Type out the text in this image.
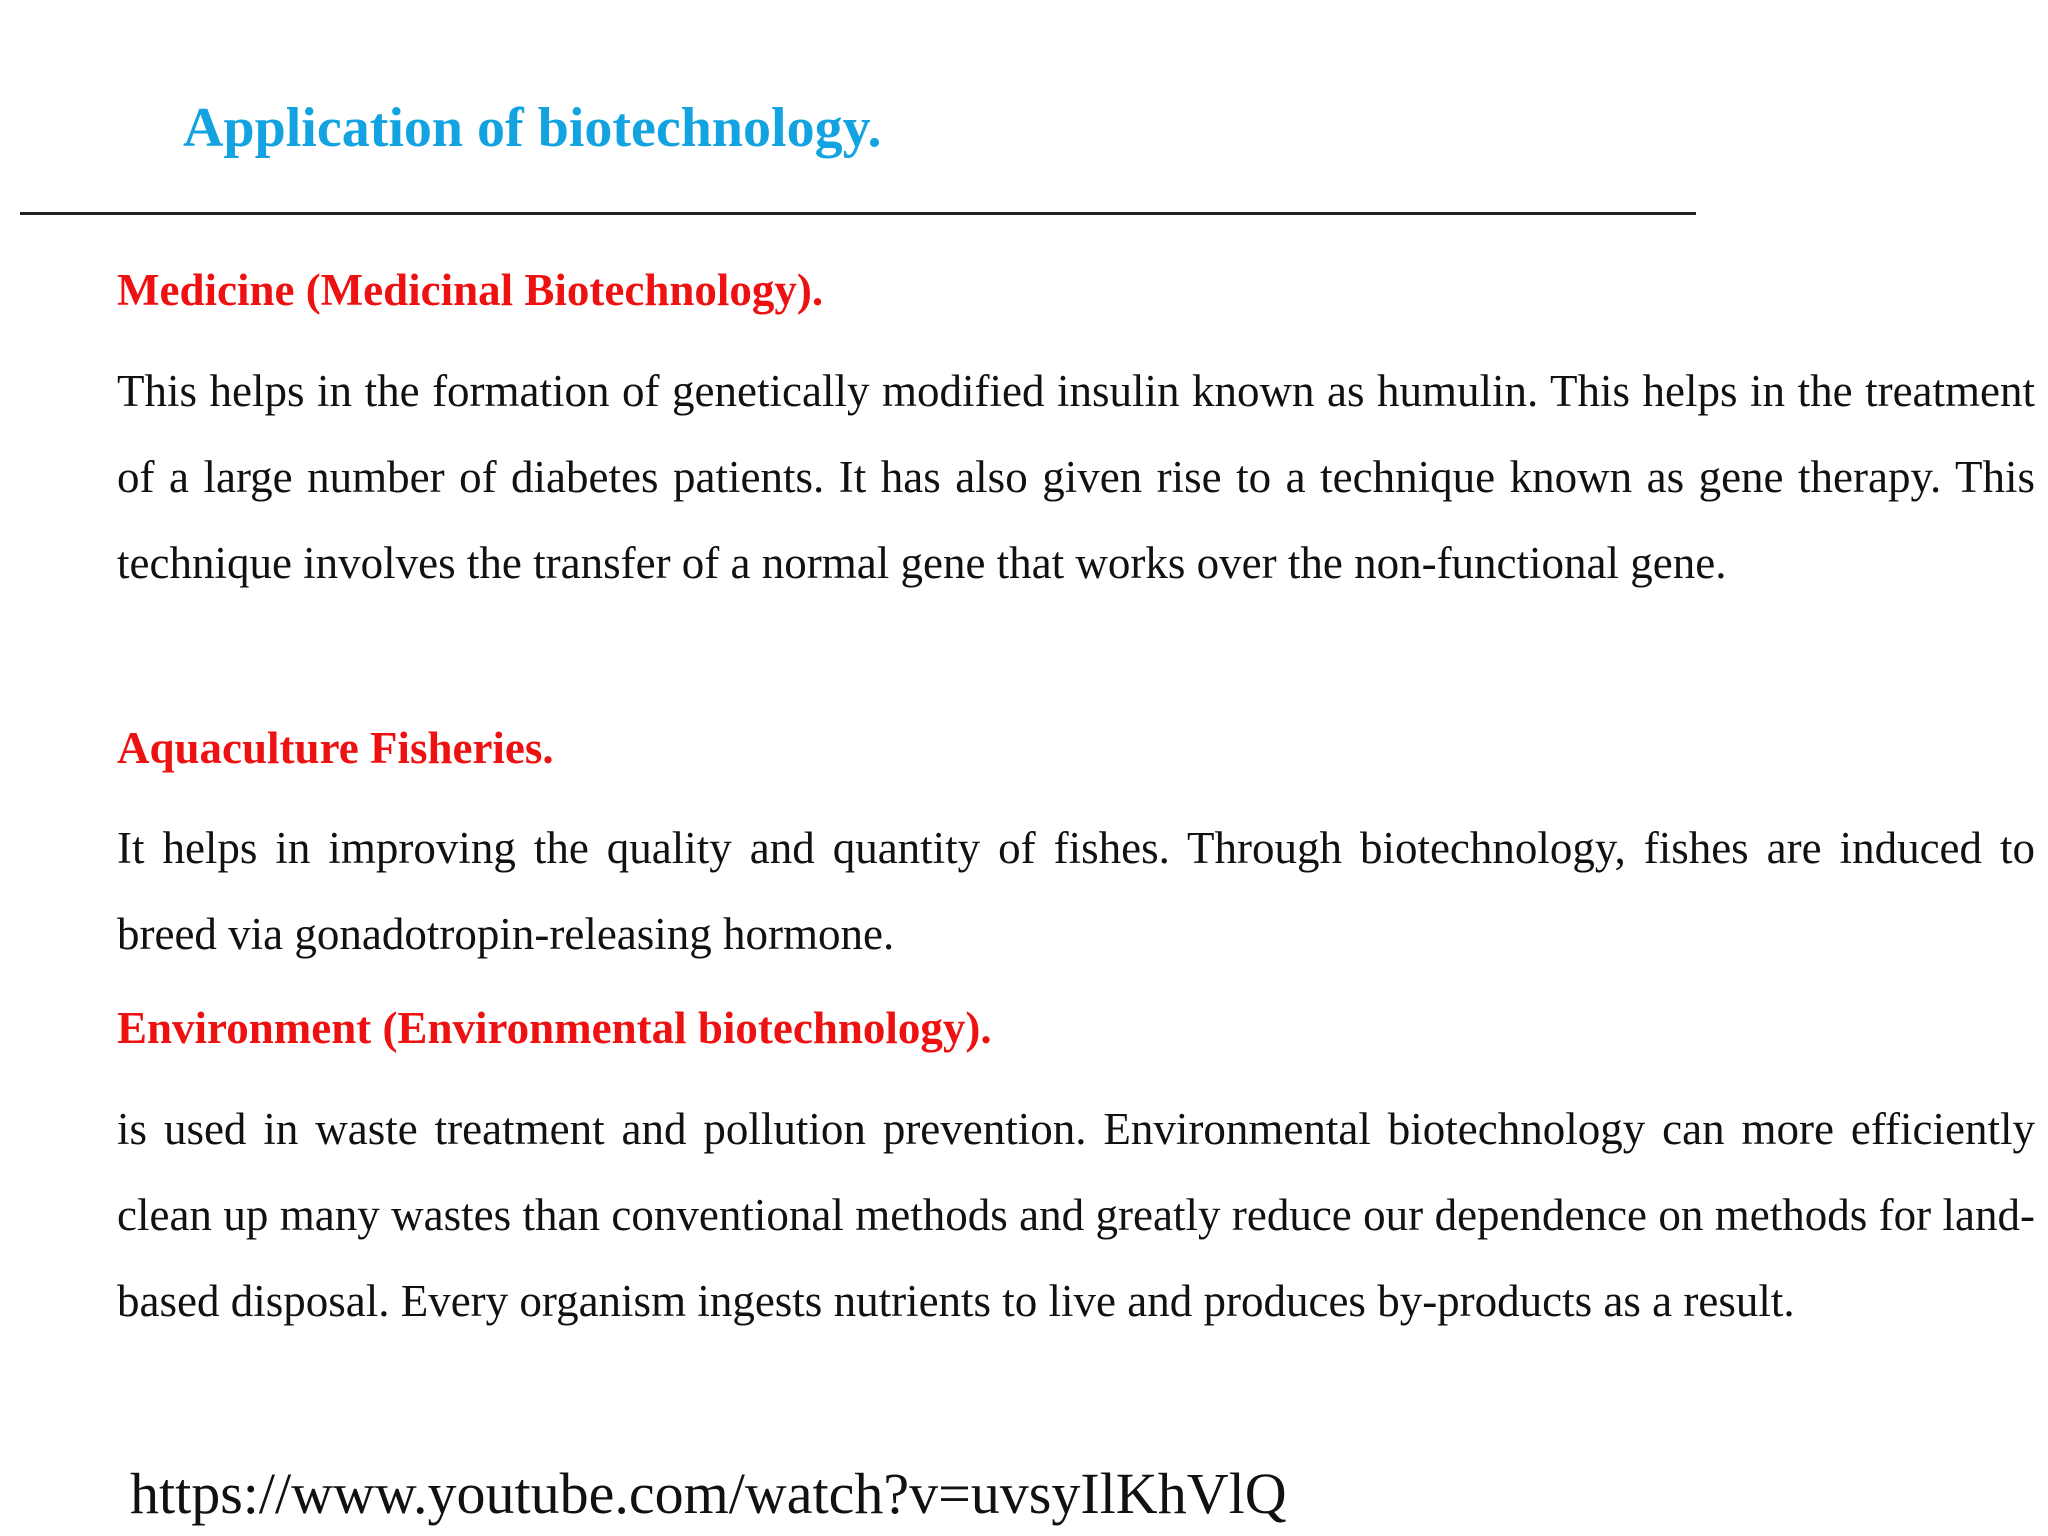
Application of biotechnology.
Medicine (Medicinal Biotechnology).

This helps in the formation of genetically modified insulin known as humulin. This helps in the treatment of a large number of diabetes patients. It has also given rise to a technique known as gene therapy. This technique involves the transfer of a normal gene that works over the non-functional gene.

Aquaculture Fisheries.

It helps in improving the quality and quantity of fishes. Through biotechnology, fishes are induced to breed via gonadotropin-releasing hormone.

Environment (Environmental biotechnology).

is used in waste treatment and pollution prevention. Environmental biotechnology can more efficiently clean up many wastes than conventional methods and greatly reduce our dependence on methods for land-based disposal. Every organism ingests nutrients to live and produces by-products as a result.

https://www.youtube.com/watch?v=uvsyIlKhVlQ
